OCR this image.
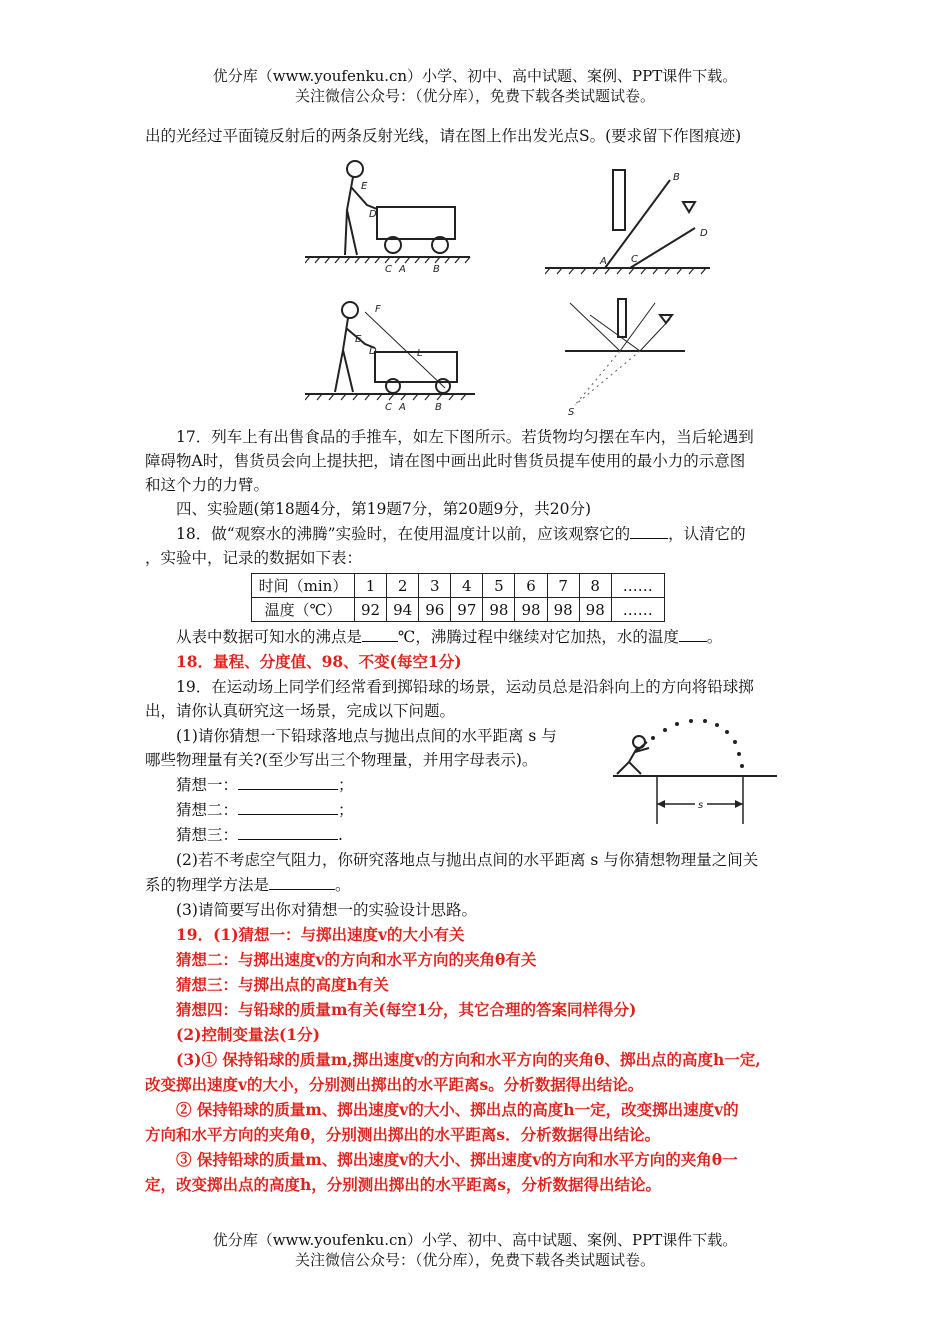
优分库（www.youfenku.cn）小学、初中、高中试题、案例、PPT课件下载。
关注微信公众号：（优分库），免费下载各类试题试卷。
出的光经过平面镜反射后的两条反射光线，请在图上作出发光点S。(要求留下作图痕迹)
E
D
C A	B
B
D
A C
F
E
D	L
C A	B	S
17．列车上有出售食品的手推车，如左下图所示。若货物均匀摆在车内，当后轮遇到
障碍物A时，售货员会向上提扶把，请在图中画出此时售货员提车使用的最小力的示意图
和这个力的力臂。
四、实验题(第18题4分，第19题7分，第20题9分，共20分)
18．做“观察水的沸腾”实验时，在使用温度计以前，应该观察它的 ，认清它的
，实验中，记录的数据如下表：
时间（min）	1	2	3	4	5	6	7	8	……
温度（℃）	92	94	96	97	98	98	98	98	……
从表中数据可知水的沸点是 ℃，沸腾过程中继续对它加热，水的温度 。
18．量程、分度值、98、不变(每空1分)
19．在运动场上同学们经常看到掷铅球的场景，运动员总是沿斜向上的方向将铅球掷
出，请你认真研究这一场景，完成以下问题。
(1)请你猜想一下铅球落地点与抛出点间的水平距离 s 与
哪些物理量有关?(至少写出三个物理量，并用字母表示)。
s
猜想一：	；
猜想二：	；
猜想三：	.
(2)若不考虑空气阻力，你研究落地点与抛出点间的水平距离 s 与你猜想物理量之间关
系的物理学方法是	。
(3)请简要写出你对猜想一的实验设计思路。
19．(1)猜想一：与掷出速度v的大小有关
猜想二：与掷出速度v的方向和水平方向的夹角θ有关
猜想三：与掷出点的高度h有关
猜想四：与铅球的质量m有关(每空1分，其它合理的答案同样得分)
(2)控制变量法(1分)
(3)① 保持铅球的质量m,掷出速度v的方向和水平方向的夹角θ、掷出点的高度h一定,
改变掷出速度v的大小，分别测出掷出的水平距离s。分析数据得出结论。
② 保持铅球的质量m、掷出速度v的大小、掷出点的高度h一定，改变掷出速度v的
方向和水平方向的夹角θ，分别测出掷出的水平距离s．分析数据得出结论。
③ 保持铅球的质量m、掷出速度v的大小、掷出速度v的方向和水平方向的夹角θ一
定，改变掷出点的高度h，分别测出掷出的水平距离s，分析数据得出结论。
优分库（www.youfenku.cn）小学、初中、高中试题、案例、PPT课件下载。
关注微信公众号：（优分库），免费下载各类试题试卷。
